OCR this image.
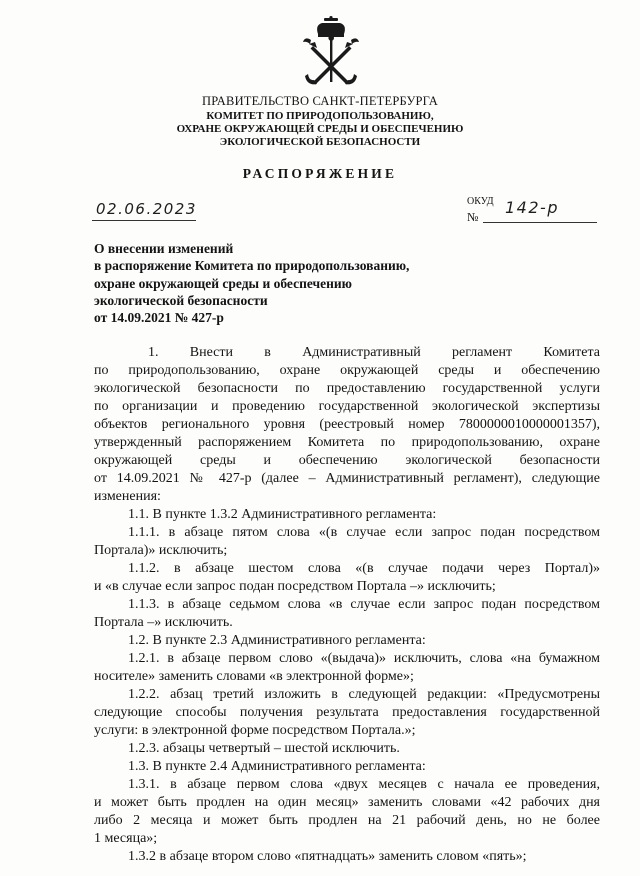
ПРАВИТЕЛЬСТВО САНКТ-ПЕТЕРБУРГА
КОМИТЕТ ПО ПРИРОДОПОЛЬЗОВАНИЮ,
ОХРАНЕ ОКРУЖАЮЩЕЙ СРЕДЫ И ОБЕСПЕЧЕНИЮ
ЭКОЛОГИЧЕСКОЙ БЕЗОПАСНОСТИ
РАСПОРЯЖЕНИЕ
02.06.2023	ОКУД
№ 142-р
О внесении изменений
в распоряжение Комитета по природопользованию,
охране окружающей среды и обеспечению
экологической безопасности
от 14.09.2021 № 427-р
1.      Внести      в      Административный      регламент      Комитета
по природопользованию, охране окружающей среды и обеспечению
экологической безопасности по предоставлению государственной услуги
по организации и проведению государственной экологической экспертизы
объектов регионального уровня (реестровый номер 7800000010000001357),
утвержденный распоряжением Комитета по природопользованию, охране
окружающей среды и обеспечению экологической безопасности
от 14.09.2021 № 427-р (далее – Административный регламент), следующие
изменения:
1.1. В пункте 1.3.2 Административного регламента:
1.1.1. в абзаце пятом слова «(в случае если запрос подан посредством
Портала)» исключить;
1.1.2. в абзаце шестом слова «(в случае подачи через Портал)»
и «в случае если запрос подан посредством Портала –» исключить;
1.1.3. в абзаце седьмом слова «в случае если запрос подан посредством
Портала –» исключить.
1.2. В пункте 2.3 Административного регламента:
1.2.1. в абзаце первом слово «(выдача)» исключить, слова «на бумажном
носителе» заменить словами «в электронной форме»;
1.2.2. абзац третий изложить в следующей редакции: «Предусмотрены
следующие способы получения результата предоставления государственной
услуги: в электронной форме посредством Портала.»;
1.2.3. абзацы четвертый – шестой исключить.
1.3. В пункте 2.4 Административного регламента:
1.3.1. в абзаце первом слова «двух месяцев с начала ее проведения,
и может быть продлен на один месяц» заменить словами «42 рабочих дня
либо 2 месяца и может быть продлен на 21 рабочий день, но не более
1 месяца»;
1.3.2 в абзаце втором слово «пятнадцать» заменить словом «пять»;
